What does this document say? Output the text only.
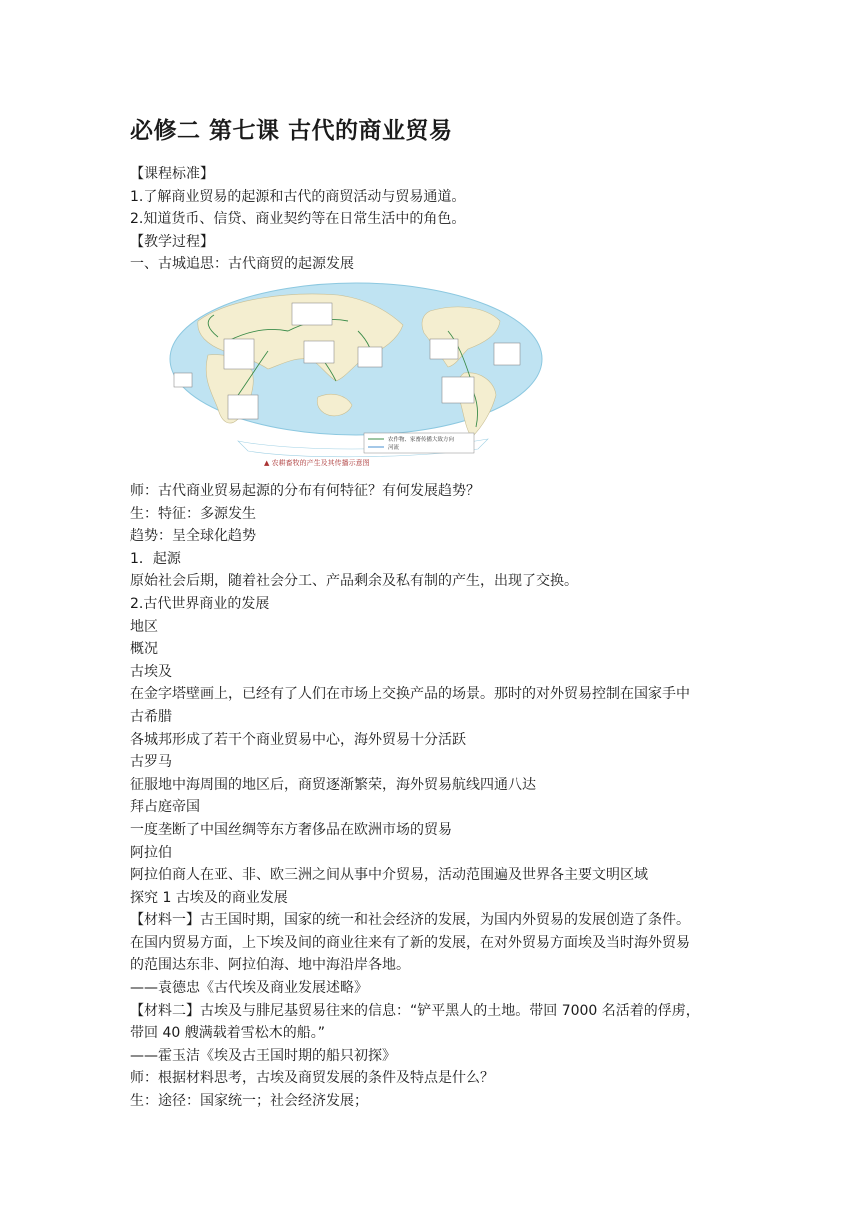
必修二 第七课 古代的商业贸易
【课程标准】
1.了解商业贸易的起源和古代的商贸活动与贸易通道。
2.知道货币、信贷、商业契约等在日常生活中的角色。
【教学过程】
一、古城追思：古代商贸的起源发展
农作物、家畜传播大致方向
河流
▲ 农耕畜牧的产生及其传播示意图
师：古代商业贸易起源的分布有何特征？有何发展趋势？
生：特征：多源发生
趋势：呈全球化趋势
1．起源
原始社会后期，随着社会分工、产品剩余及私有制的产生，出现了交换。
2.古代世界商业的发展
地区
概况
古埃及
在金字塔壁画上，已经有了人们在市场上交换产品的场景。那时的对外贸易控制在国家手中
古希腊
各城邦形成了若干个商业贸易中心，海外贸易十分活跃
古罗马
征服地中海周围的地区后，商贸逐渐繁荣，海外贸易航线四通八达
拜占庭帝国
一度垄断了中国丝绸等东方奢侈品在欧洲市场的贸易
阿拉伯
阿拉伯商人在亚、非、欧三洲之间从事中介贸易，活动范围遍及世界各主要文明区域
探究 1 古埃及的商业发展
【材料一】古王国时期，国家的统一和社会经济的发展，为国内外贸易的发展创造了条件。
在国内贸易方面，上下埃及间的商业往来有了新的发展，在对外贸易方面埃及当时海外贸易
的范围达东非、阿拉伯海、地中海沿岸各地。
——袁德忠《古代埃及商业发展述略》
【材料二】古埃及与腓尼基贸易往来的信息：“铲平黑人的土地。带回 7000 名活着的俘虏，
带回 40 艘满载着雪松木的船。”
——霍玉洁《埃及古王国时期的船只初探》
师：根据材料思考，古埃及商贸发展的条件及特点是什么？
生：途径：国家统一；社会经济发展；
